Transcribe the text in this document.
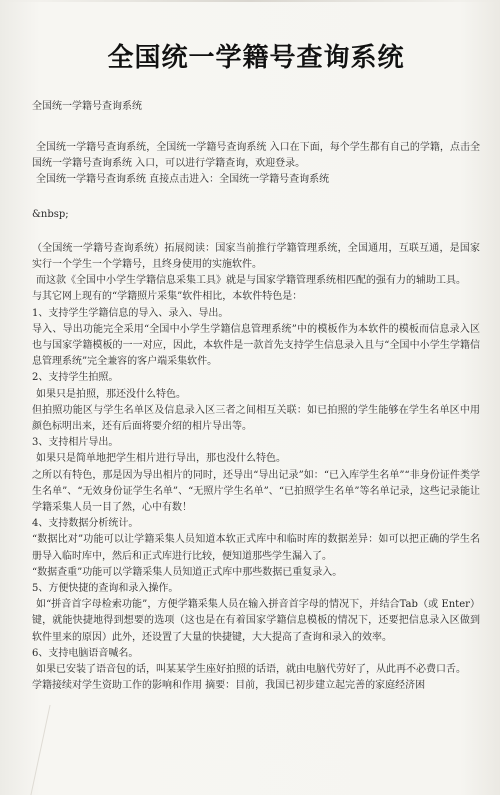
全国统一学籍号查询系统

全国统一学籍号查询系统

全国统一学籍号查询系统，全国统一学籍号查询系统 入口在下面，每个学生都有自己的学籍，点击全国统一学籍号查询系统 入口，可以进行学籍查询，欢迎登录。

全国统一学籍号查询系统 直接点击进入：全国统一学籍号查询系统

&nbsp;

（全国统一学籍号查询系统）拓展阅读：国家当前推行学籍管理系统，全国通用，互联互通，是国家实行一个学生一个学籍号，且终身使用的实施软件。

而这款《全国中小学生学籍信息采集工具》就是与国家学籍管理系统相匹配的强有力的辅助工具。

与其它网上现有的“学籍照片采集”软件相比，本软件特色是：

1、支持学生学籍信息的导入、录入、导出。

导入、导出功能完全采用“全国中小学生学籍信息管理系统”中的模板作为本软件的模板而信息录入区也与国家学籍模板的一一对应，因此，本软件是一款首先支持学生信息录入且与“全国中小学生学籍信息管理系统”完全兼容的客户端采集软件。

2、支持学生拍照。

如果只是拍照，那还没什么特色。

但拍照功能区与学生名单区及信息录入区三者之间相互关联：如已拍照的学生能够在学生名单区中用颜色标明出来，还有后面将要介绍的相片导出等。

3、支持相片导出。

如果只是简单地把学生相片进行导出，那也没什么特色。

之所以有特色，那是因为导出相片的同时，还导出“导出记录”如：“已入库学生名单”“非身份证件类学生名单”、“无效身份证学生名单”、“无照片学生名单”、“已拍照学生名单”等名单记录，这些记录能让学籍采集人员一目了然，心中有数！

4、支持数据分析统计。

“数据比对”功能可以让学籍采集人员知道本软正式库中和临时库的数据差异：如可以把正确的学生名册导入临时库中，然后和正式库进行比较，便知道那些学生漏入了。

“数据查重”功能可以学籍采集人员知道正式库中那些数据已重复录入。

5、方便快捷的查询和录入操作。

如“拼音首字母检索功能”，方便学籍采集人员在输入拼音首字母的情况下，并结合Tab（或 Enter）键，就能快捷地得到想要的选项（这也是在有着国家学籍信息模板的情况下，还要把信息录入区做到软件里来的原因）此外，还设置了大量的快捷键，大大提高了查询和录入的效率。

6、支持电脑语音喊名。

如果已安装了语音包的话，叫某某学生座好拍照的话语，就由电脑代劳好了，从此再不必费口舌。

学籍接续对学生资助工作的影响和作用 摘要：目前，我国已初步建立起完善的家庭经济困
